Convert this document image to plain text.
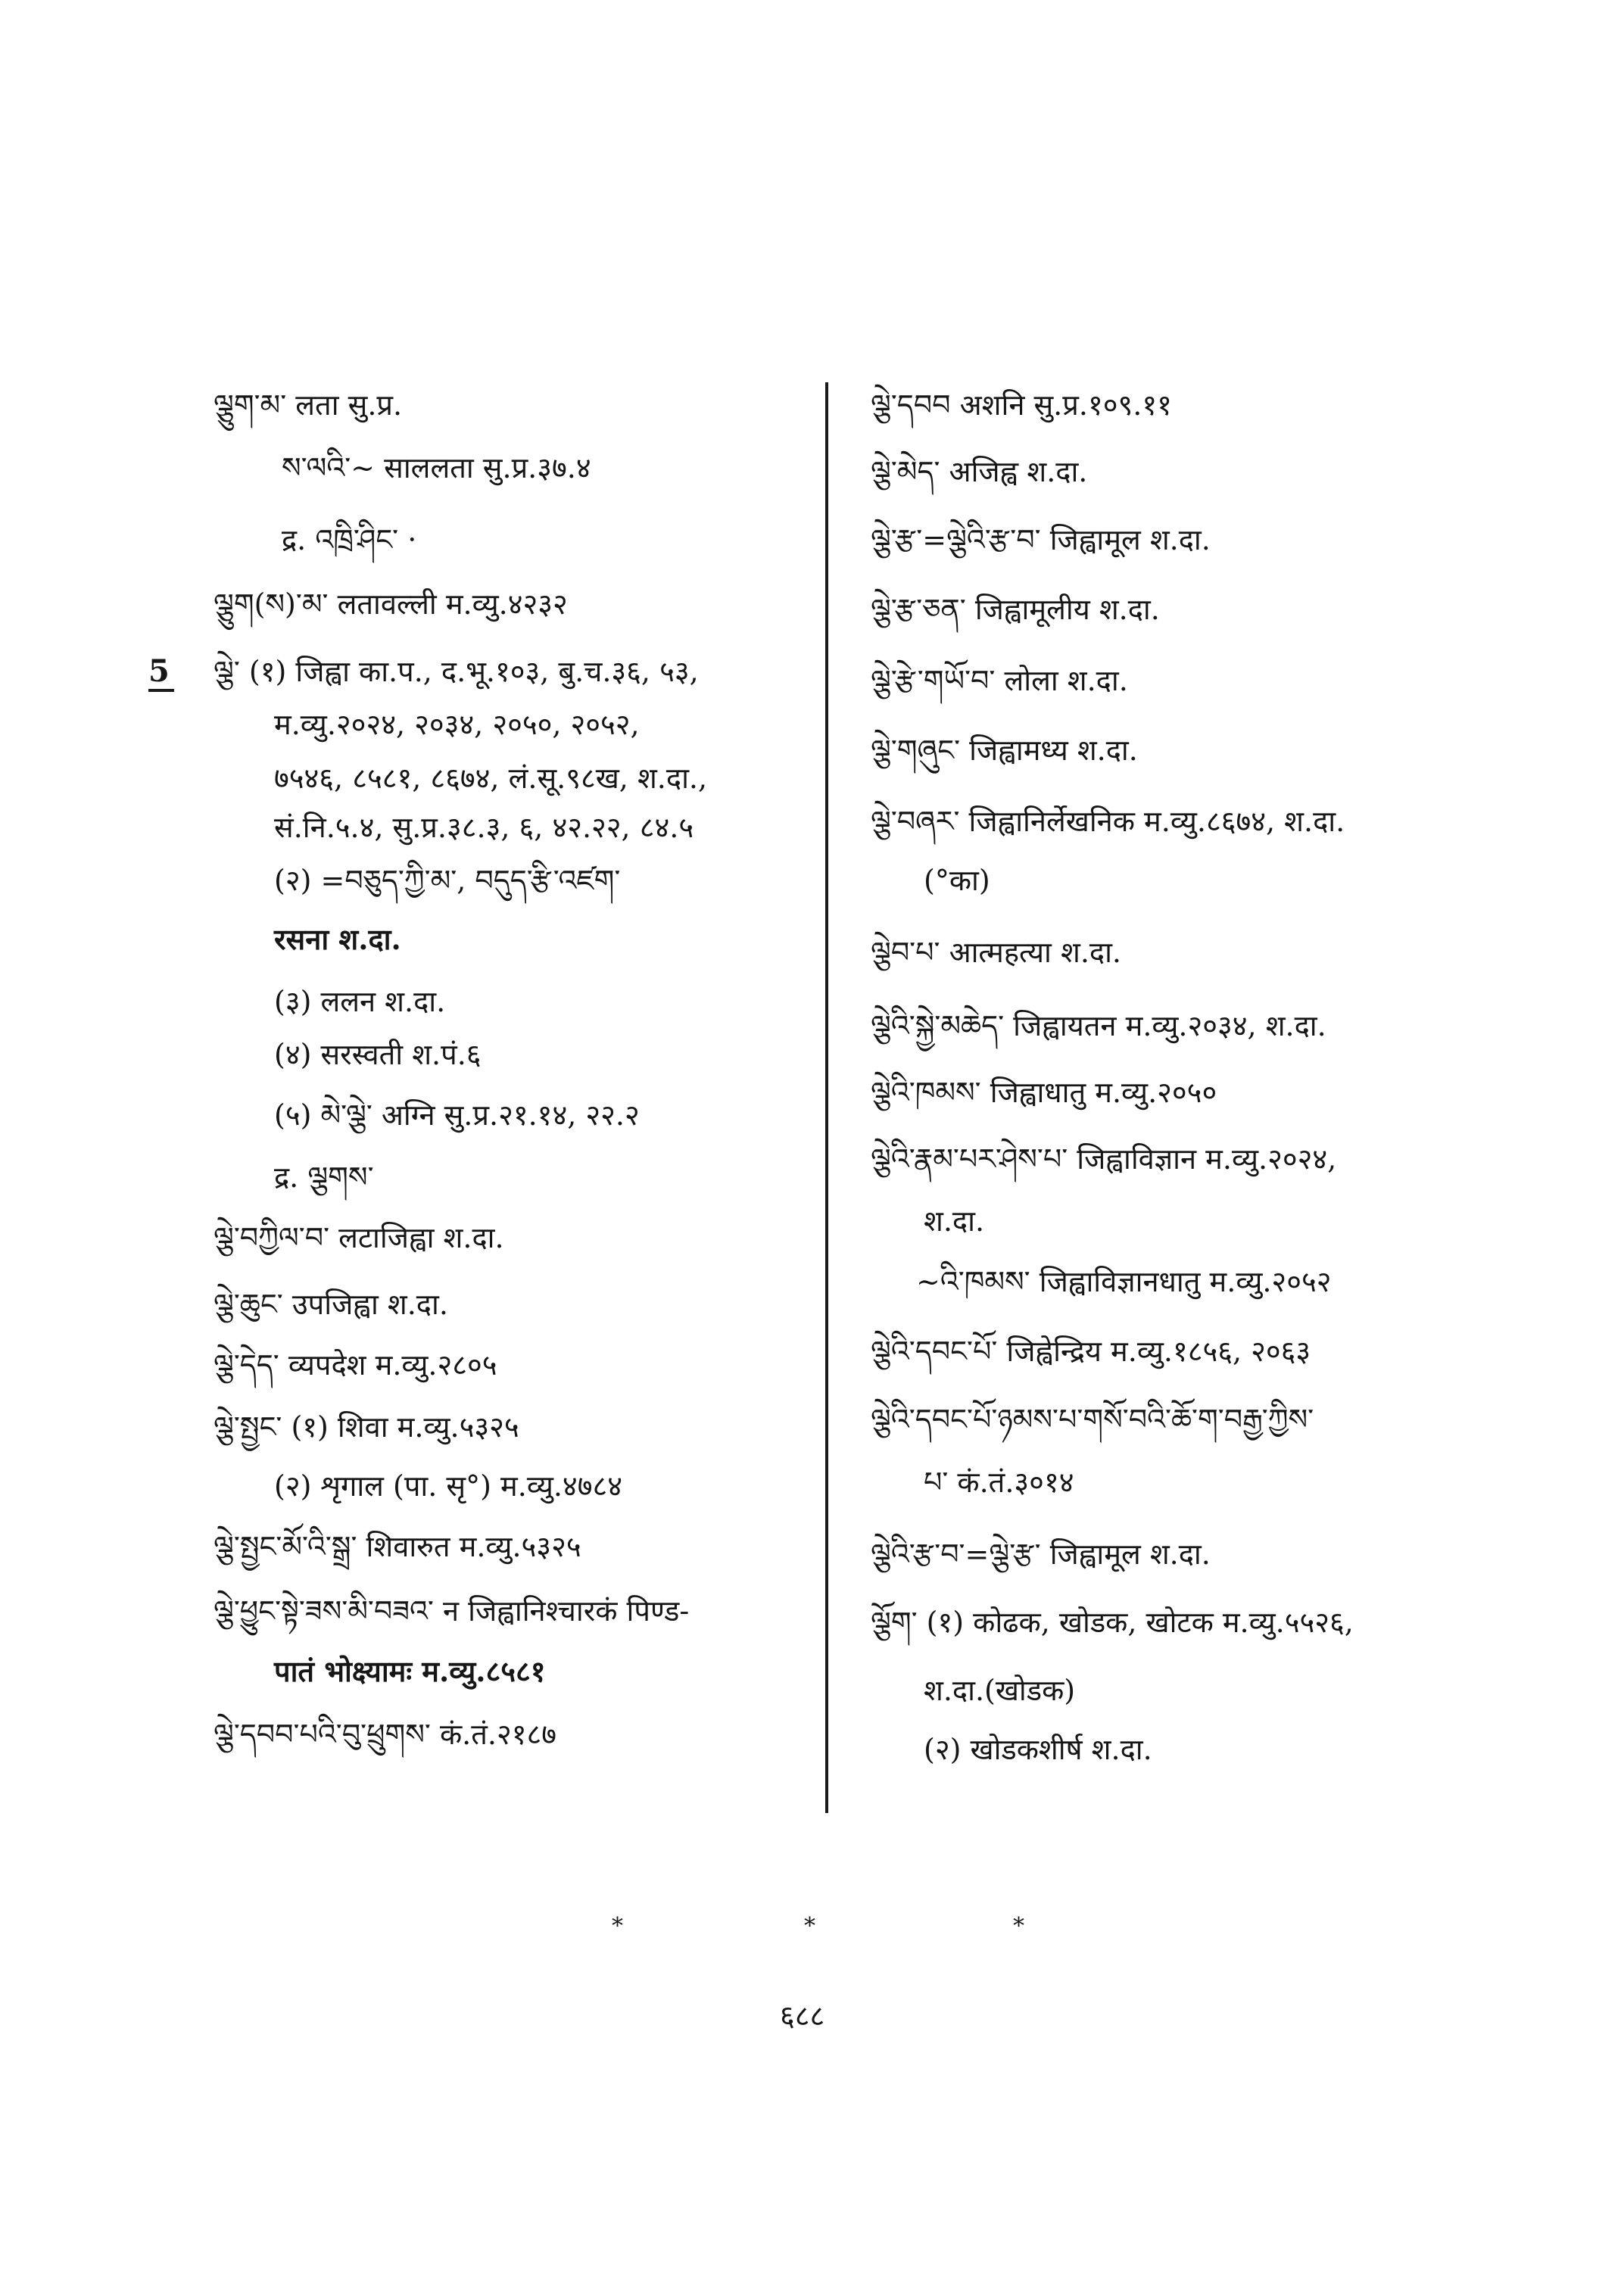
5
ལྕུག་མ་ लता सु.प्र.
ས་ལའི་~ साललता सु.प्र.३७.४
द्र. འཁྲི་ཤིང་ ·
ལྕུག(ས)་མ་ लतावल्ली म.व्यु.४२३२
ལྕེ་ (१) जिह्वा का.प., द.भू.१०३, बु.च.३६, ५३,
म.व्यु.२०२४, २०३४, २०५०, २०५२,
७५४६, ८५८१, ८६७४, लं.सू.९८ख, श.दा.,
सं.नि.५.४, सु.प्र.३८.३, ६, ४२.२२, ८४.५
(२) =བཅུད་ཀྱི་མ་, བདུད་རྩི་འཛག་
रसना श.दा.
(३) ललन श.दा.
(४) सरस्वती श.पं.६
(५) མེ་ལྕེ་ अग्नि सु.प्र.२१.१४, २२.२
द्र. ལྕགས་
ལྕེ་བཀྱིལ་བ་ लटाजिह्वा श.दा.
ལྕེ་ཆུང་ उपजिह्वा श.दा.
ལྕེ་དེད་ व्यपदेश म.व्यु.२८०५
ལྕེ་སྤྱང་ (१) शिवा म.व्यु.५३२५
(२) शृगाल (पा. सृ°) म.व्यु.४७८४
ལྕེ་སྤྱང་མོ་འི་སྒྲ་ शिवारुत म.व्यु.५३२५
ལྕེ་ཕྱུང་སྟེ་ཟས་མི་བཟའ་ न जिह्वानिश्चारकं पिण्ड-
पातं भोक्ष्यामः म.व्यु.८५८१
ལྕེ་དབབ་པའི་བུ་ཕྲུགས་ कं.तं.२१८७
ལྕེ་དབབ अशनि सु.प्र.१०९.११
ལྕེ་མེད་ अजिह्व श.दा.
ལྕེ་རྩ་=ལྕེའི་རྩ་བ་ जिह्वामूल श.दा.
ལྕེ་རྩ་ཅན་ जिह्वामूलीय श.दा.
ལྕེ་རྩེ་གཡོ་བ་ लोला श.दा.
ལྕེ་གཞུང་ जिह्वामध्य श.दा.
ལྕེ་བཞར་ जिह्वानिर्लेखनिक म.व्यु.८६७४, श.दा.
(°का)
ལྕེབ་པ་ आत्महत्या श.दा.
ལྕེའི་སྐྱེ་མཆེད་ जिह्वायतन म.व्यु.२०३४, श.दा.
ལྕེའི་ཁམས་ जिह्वाधातु म.व्यु.२०५०
ལྕེའི་རྣམ་པར་ཤེས་པ་ जिह्वाविज्ञान म.व्यु.२०२४,
श.दा.
~འི་ཁམས་ जिह्वाविज्ञानधातु म.व्यु.२०५२
ལྕེའི་དབང་པོ་ जिह्वेन्द्रिय म.व्यु.१८५६, २०६३
ལྕེའི་དབང་པོ་ཉམས་པ་གསོ་བའི་ཆོ་ག་བརྒྱ་ཀྱིས་
པ་ कं.तं.३०१४
ལྕེའི་རྩ་བ་=ལྕེ་རྩ་ जिह्वामूल श.दा.
ལྕོག་ (१) कोढक, खोडक, खोटक म.व्यु.५५२६,
श.दा.(खोडक)
(२) खोडकशीर्ष श.दा.
*	*	*
६८८
